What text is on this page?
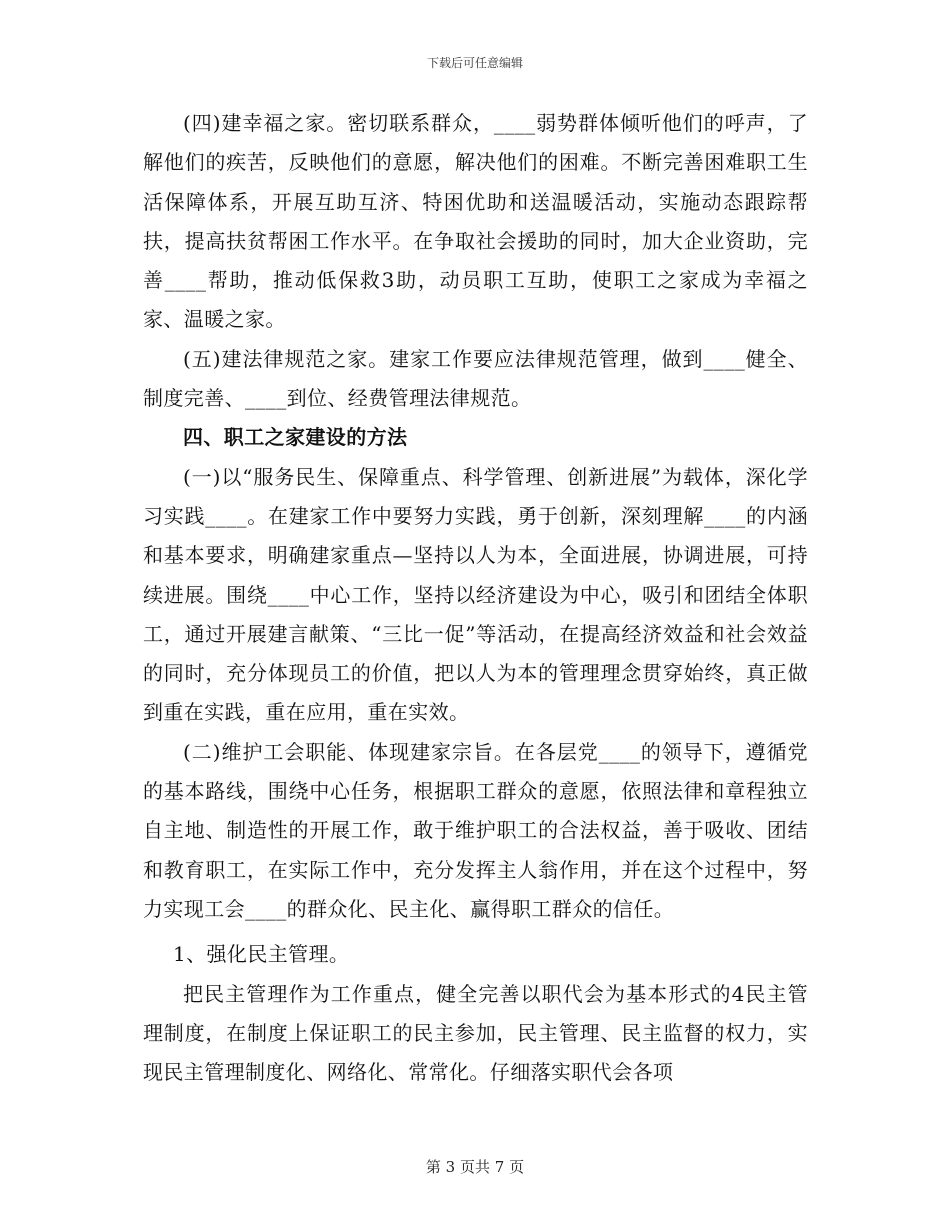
下载后可任意编辑

(四)建幸福之家。密切联系群众，____弱势群体倾听他们的呼声，了解他们的疾苦，反映他们的意愿，解决他们的困难。不断完善困难职工生活保障体系，开展互助互济、特困优助和送温暖活动，实施动态跟踪帮扶，提高扶贫帮困工作水平。在争取社会援助的同时，加大企业资助，完善____帮助，推动低保救3助，动员职工互助，使职工之家成为幸福之家、温暖之家。

(五)建法律规范之家。建家工作要应法律规范管理，做到____健全、制度完善、____到位、经费管理法律规范。

四、职工之家建设的方法

(一)以“服务民生、保障重点、科学管理、创新进展”为载体，深化学习实践____。在建家工作中要努力实践，勇于创新，深刻理解____的内涵和基本要求，明确建家重点—坚持以人为本，全面进展，协调进展，可持续进展。围绕____中心工作，坚持以经济建设为中心，吸引和团结全体职工，通过开展建言献策、“三比一促”等活动，在提高经济效益和社会效益的同时，充分体现员工的价值，把以人为本的管理理念贯穿始终，真正做到重在实践，重在应用，重在实效。

(二)维护工会职能、体现建家宗旨。在各层党____的领导下，遵循党的基本路线，围绕中心任务，根据职工群众的意愿，依照法律和章程独立自主地、制造性的开展工作，敢于维护职工的合法权益，善于吸收、团结和教育职工，在实际工作中，充分发挥主人翁作用，并在这个过程中，努力实现工会____的群众化、民主化、赢得职工群众的信任。

1、强化民主管理。

把民主管理作为工作重点，健全完善以职代会为基本形式的4民主管理制度，在制度上保证职工的民主参加，民主管理、民主监督的权力，实现民主管理制度化、网络化、常常化。仔细落实职代会各项

第 3 页共 7 页
